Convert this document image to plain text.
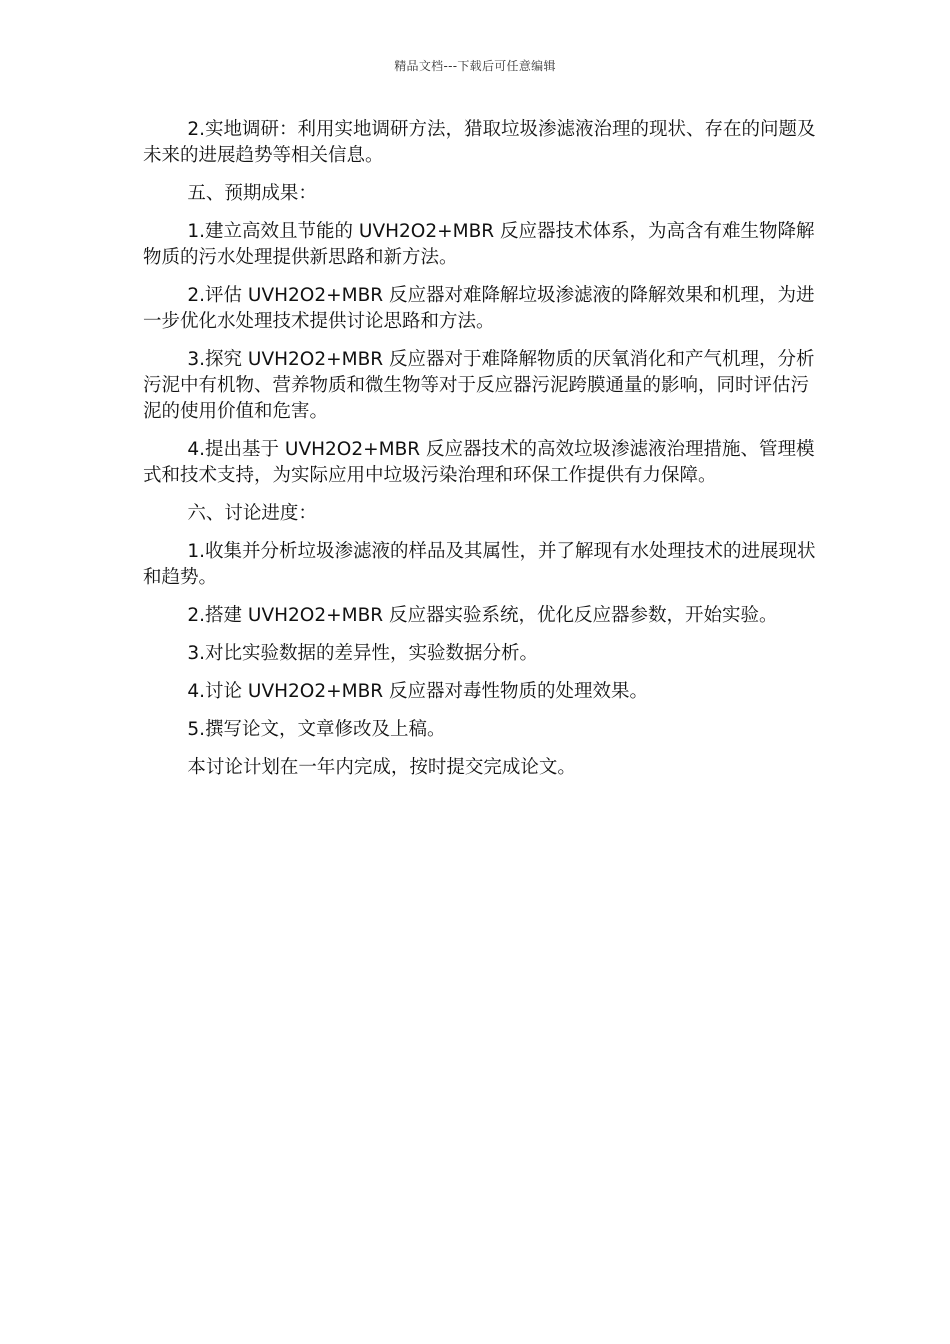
精品文档---下载后可任意编辑

2.实地调研：利用实地调研方法，猎取垃圾渗滤液治理的现状、存在的问题及未来的进展趋势等相关信息。

五、预期成果：

1.建立高效且节能的 UVH2O2+MBR 反应器技术体系，为高含有难生物降解物质的污水处理提供新思路和新方法。

2.评估 UVH2O2+MBR 反应器对难降解垃圾渗滤液的降解效果和机理，为进一步优化水处理技术提供讨论思路和方法。

3.探究 UVH2O2+MBR 反应器对于难降解物质的厌氧消化和产气机理，分析污泥中有机物、营养物质和微生物等对于反应器污泥跨膜通量的影响，同时评估污泥的使用价值和危害。

4.提出基于 UVH2O2+MBR 反应器技术的高效垃圾渗滤液治理措施、管理模式和技术支持，为实际应用中垃圾污染治理和环保工作提供有力保障。

六、讨论进度：

1.收集并分析垃圾渗滤液的样品及其属性，并了解现有水处理技术的进展现状和趋势。

2.搭建 UVH2O2+MBR 反应器实验系统，优化反应器参数，开始实验。

3.对比实验数据的差异性，实验数据分析。

4.讨论 UVH2O2+MBR 反应器对毒性物质的处理效果。

5.撰写论文，文章修改及上稿。

本讨论计划在一年内完成，按时提交完成论文。
